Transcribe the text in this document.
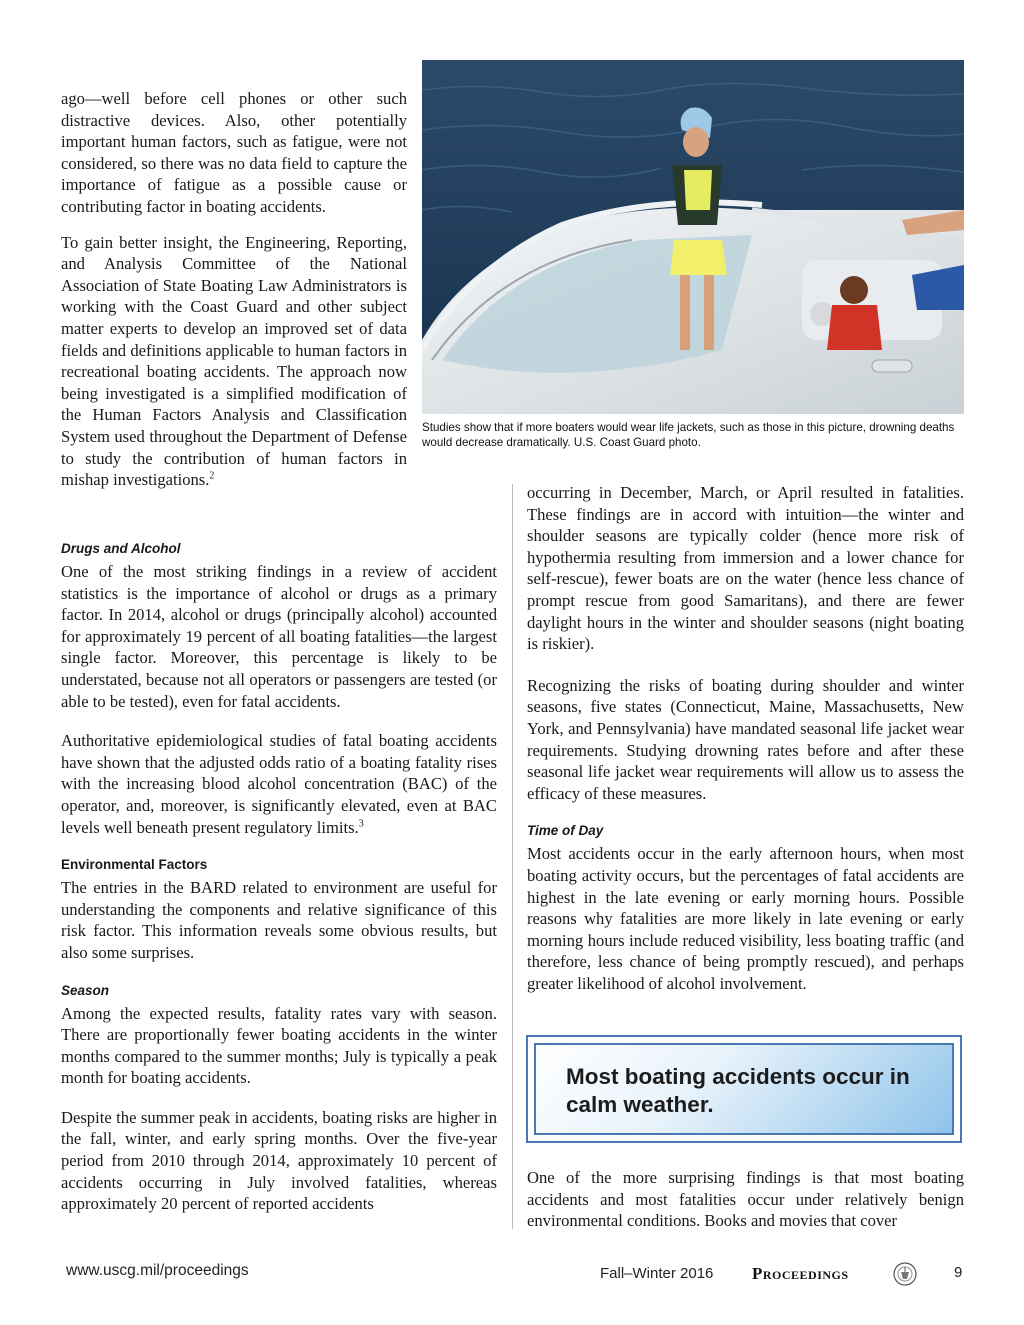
ago—well before cell phones or other such distractive devices. Also, other potentially important human factors, such as fatigue, were not considered, so there was no data field to capture the importance of fatigue as a possible cause or contributing factor in boating accidents.

To gain better insight, the Engineering, Reporting, and Analysis Committee of the National Association of State Boating Law Administrators is working with the Coast Guard and other subject matter experts to develop an improved set of data fields and definitions applicable to human factors in recreational boating accidents. The approach now being investigated is a simplified modification of the Human Factors Analysis and Classification System used throughout the Department of Defense to study the contribution of human factors in mishap investigations.$^2$

Drugs and Alcohol

One of the most striking findings in a review of accident statistics is the importance of alcohol or drugs as a primary factor. In 2014, alcohol or drugs (principally alcohol) accounted for approximately 19 percent of all boating fatalities—the largest single factor. Moreover, this percentage is likely to be understated, because not all operators or passengers are tested (or able to be tested), even for fatal accidents.

Authoritative epidemiological studies of fatal boating accidents have shown that the adjusted odds ratio of a boating fatality rises with the increasing blood alcohol concentration (BAC) of the operator, and, moreover, is significantly elevated, even at BAC levels well beneath present regulatory limits.$^3$

Environmental Factors

The entries in the BARD related to environment are useful for understanding the components and relative significance of this risk factor. This information reveals some obvious results, but also some surprises.

Season

Among the expected results, fatality rates vary with season. There are proportionally fewer boating accidents in the winter months compared to the summer months; July is typically a peak month for boating accidents.

Despite the summer peak in accidents, boating risks are higher in the fall, winter, and early spring months. Over the five-year period from 2010 through 2014, approximately 10 percent of accidents occurring in July involved fatalities, whereas approximately 20 percent of reported accidents

Studies show that if more boaters would wear life jackets, such as those in this picture, drowning deaths would decrease dramatically. U.S. Coast Guard photo.

occurring in December, March, or April resulted in fatalities. These findings are in accord with intuition—the winter and shoulder seasons are typically colder (hence more risk of hypothermia resulting from immersion and a lower chance for self-rescue), fewer boats are on the water (hence less chance of prompt rescue from good Samaritans), and there are fewer daylight hours in the winter and shoulder seasons (night boating is riskier).

Recognizing the risks of boating during shoulder and winter seasons, five states (Connecticut, Maine, Massachusetts, New York, and Pennsylvania) have mandated seasonal life jacket wear requirements. Studying drowning rates before and after these seasonal life jacket wear requirements will allow us to assess the efficacy of these measures.

Time of Day

Most accidents occur in the early afternoon hours, when most boating activity occurs, but the percentages of fatal accidents are highest in the late evening or early morning hours. Possible reasons why fatalities are more likely in late evening or early morning hours include reduced visibility, less boating traffic (and therefore, less chance of being promptly rescued), and perhaps greater likelihood of alcohol involvement.

Most boating accidents occur in calm weather.

One of the more surprising findings is that most boating accidents and most fatalities occur under relatively benign environmental conditions. Books and movies that cover

www.uscg.mil/proceedings	Fall–Winter 2016 Proceedings	9
